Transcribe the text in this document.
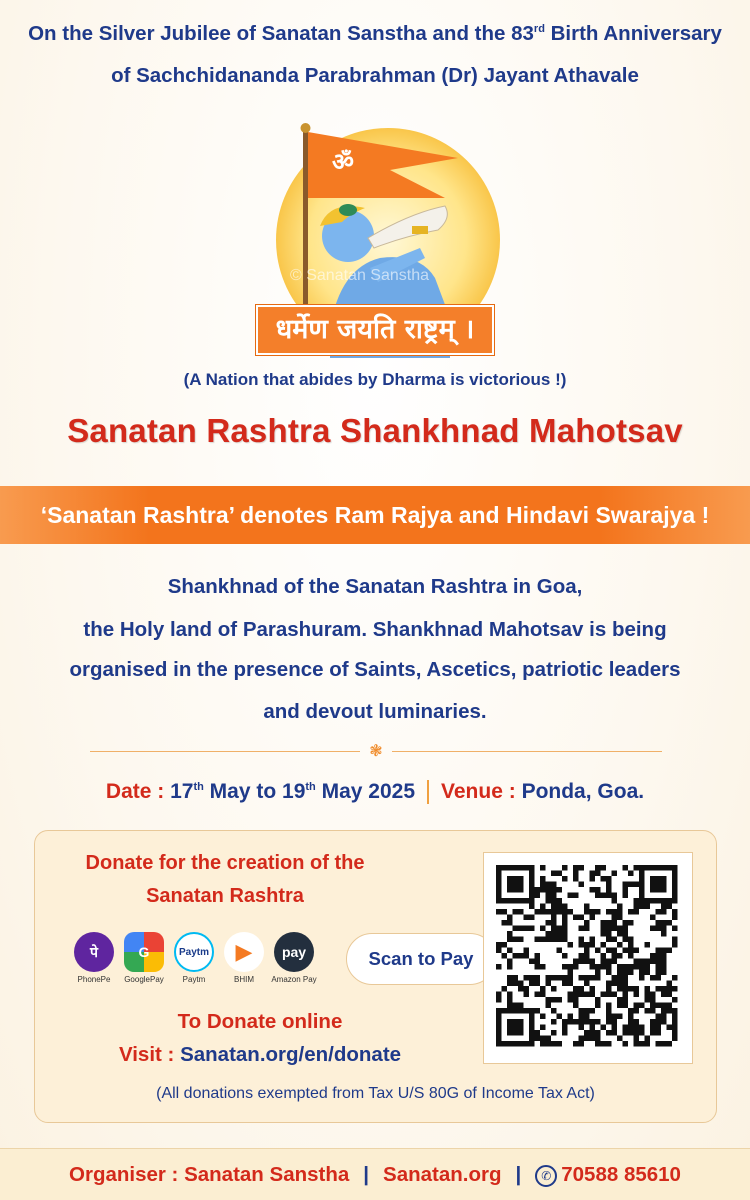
On the Silver Jubilee of Sanatan Sanstha and the 83rd Birth Anniversary
of Sachchidananda Parabrahman (Dr) Jayant Athavale
ॐ
© Sanatan Sanstha
धर्मेण जयति राष्ट्रम् ।
(A Nation that abides by Dharma is victorious !)
Sanatan Rashtra Shankhnad Mahotsav
‘Sanatan Rashtra’ denotes Ram Rajya and Hindavi Swarajya !
Shankhnad of the Sanatan Rashtra in Goa,
the Holy land of Parashuram. Shankhnad Mahotsav is being
organised in the presence of Saints, Ascetics, patriotic leaders
and devout luminaries.
❃
Date : 17th May to 19th May 2025 Venue : Ponda, Goa.
Donate for the creation of the
Sanatan Rashtra
पे
PhonePe
G
GooglePay
Paytm
Paytm
▶
BHIM
pay
Amazon Pay
Scan to Pay
To Donate online
Visit : Sanatan.org/en/donate
(All donations exempted from Tax U/S 80G of Income Tax Act)
Organiser : Sanatan Sanstha | Sanatan.org | ✆ 70588 85610
